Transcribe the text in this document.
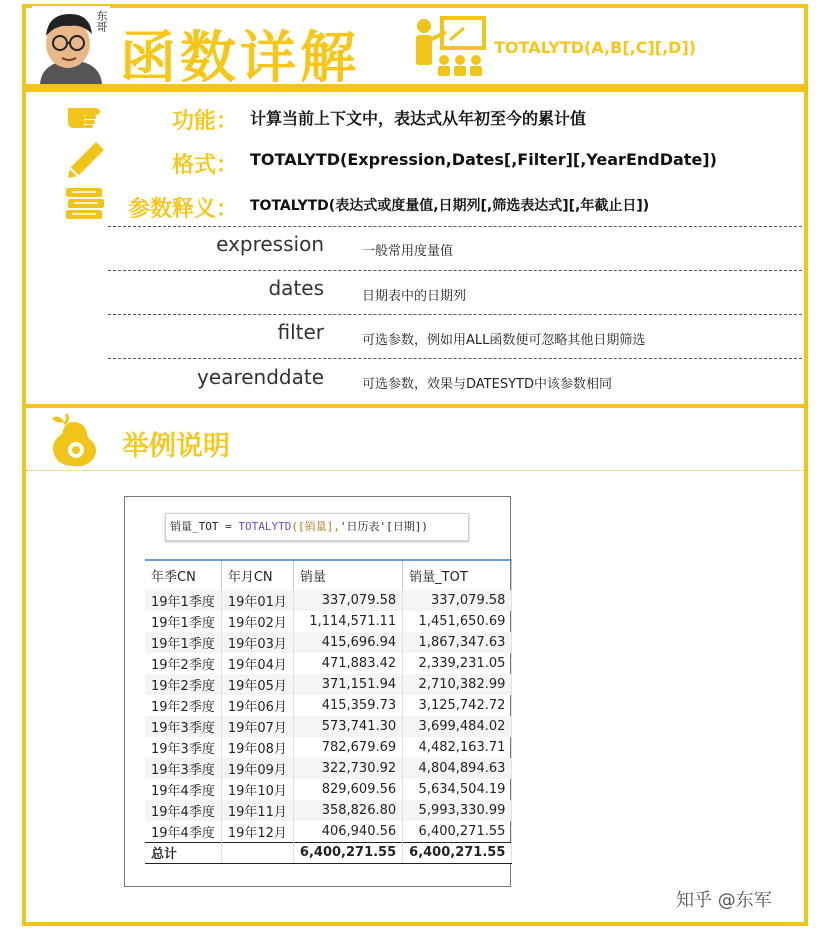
东哥
函数详解	TOTALYTD(A,B[,C][,D])
功能： 计算当前上下文中，表达式从年初至今的累计值
格式： TOTALYTD(Expression,Dates[,Filter][,YearEndDate])
参数释义： TOTALYTD(表达式或度量值,日期列[,筛选表达式][,年截止日])
expression	一般常用度量值
dates	日期表中的日期列
filter	可选参数，例如用ALL函数便可忽略其他日期筛选
yearenddate	可选参数，效果与DATESYTD中该参数相同
举例说明
销量_TOT = TOTALYTD([销量],'日历表'[日期])
年季CN	年月CN	销量	销量_TOT
19年1季度	19年01月	337,079.58	337,079.58
19年1季度	19年02月	1,114,571.11	1,451,650.69
19年1季度	19年03月	415,696.94	1,867,347.63
19年2季度	19年04月	471,883.42	2,339,231.05
19年2季度	19年05月	371,151.94	2,710,382.99
19年2季度	19年06月	415,359.73	3,125,742.72
19年3季度	19年07月	573,741.30	3,699,484.02
19年3季度	19年08月	782,679.69	4,482,163.71
19年3季度	19年09月	322,730.92	4,804,894.63
19年4季度	19年10月	829,609.56	5,634,504.19
19年4季度	19年11月	358,826.80	5,993,330.99
19年4季度	19年12月	406,940.56	6,400,271.55
总计		6,400,271.55	6,400,271.55
知乎 @东军
